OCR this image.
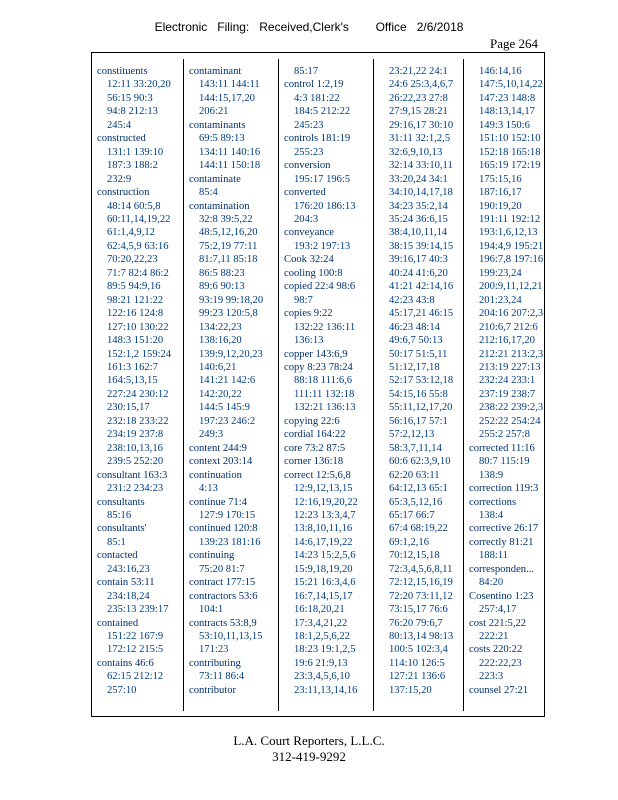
Electronic   Filing:   Received,Clerk's        Office   2/6/2018
Page 264
constituents
12:11 33:20,20
56:15 90:3
94:8 212:13
245:4
constructed
131:1 139:10
187:3 188:2
232:9
construction
48:14 60:5,8
60:11,14,19,22
61:1,4,9,12
62:4,5,9 63:16
70:20,22,23
71:7 82:4 86:2
89:5 94:9,16
98:21 121:22
122:16 124:8
127:10 130:22
148:3 151:20
152:1,2 159:24
161:3 162:7
164:5,13,15
227:24 230:12
230:15,17
232:18 233:22
234:19 237:8
238:10,13,16
239:5 252:20
consultant 163:3
231:2 234:23
consultants
85:16
consultants'
85:1
contacted
243:16,23
contain 53:11
234:18,24
235:13 239:17
contained
151:22 167:9
172:12 215:5
contains 46:6
62:15 212:12
257:10
contaminant
143:11 144:11
144:15,17,20
206:21
contaminants
69:5 89:13
134:11 140:16
144:11 150:18
contaminate
85:4
contamination
32:8 39:5,22
48:5,12,16,20
75:2,19 77:11
81:7,11 85:18
86:5 88:23
89:6 90:13
93:19 99:18,20
99:23 120:5,8
134:22,23
138:16,20
139:9,12,20,23
140:6,21
141:21 142:6
142:20,22
144:5 145:9
197:23 246:2
249:3
content 244:9
context 203:14
continuation
4:13
continue 71:4
127:9 170:15
continued 120:8
139:23 181:16
continuing
75:20 81:7
contract 177:15
contractors 53:6
104:1
contracts 53:8,9
53:10,11,13,15
171:23
contributing
73:11 86:4
contributor
85:17
control 1:2,19
4:3 181:22
184:5 212:22
245:23
controls 181:19
255:23
conversion
195:17 196:5
converted
176:20 186:13
204:3
conveyance
193:2 197:13
Cook 32:24
cooling 100:8
copied 22:4 98:6
98:7
copies 9:22
132:22 136:11
136:13
copper 143:6,9
copy 8:23 78:24
88:18 111:6,6
111:11 132:18
132:21 136:13
copying 22:6
cordial 164:22
core 73:2 87:5
corner 136:18
correct 12:5,6,8
12:9,12,13,15
12:16,19,20,22
12:23 13:3,4,7
13:8,10,11,16
14:6,17,19,22
14:23 15:2,5,6
15:9,18,19,20
15:21 16:3,4,6
16:7,14,15,17
16:18,20,21
17:3,4,21,22
18:1,2,5,6,22
18:23 19:1,2,5
19:6 21:9,13
23:3,4,5,6,10
23:11,13,14,16
23:21,22 24:1
24:6 25:3,4,6,7
26:22,23 27:8
27:9,15 28:21
29:16,17 30:10
31:11 32:1,2,5
32:6,9,10,13
32:14 33:10,11
33:20,24 34:1
34:10,14,17,18
34:23 35:2,14
35:24 36:6,15
38:4,10,11,14
38:15 39:14,15
39:16,17 40:3
40:24 41:6,20
41:21 42:14,16
42:23 43:8
45:17,21 46:15
46:23 48:14
49:6,7 50:13
50:17 51:5,11
51:12,17,18
52:17 53:12,18
54:15,16 55:8
55:11,12,17,20
56:16,17 57:1
57:2,12,13
58:3,7,11,14
60:6 62:3,9,10
62:20 63:11
64:12,13 65:1
65:3,5,12,16
65:17 66:7
67:4 68:19,22
69:1,2,16
70:12,15,18
72:3,4,5,6,8,11
72:12,15,16,19
72:20 73:11,12
73:15,17 76:6
76:20 79:6,7
80:13,14 98:13
100:5 102:3,4
114:10 126:5
127:21 136:6
137:15,20
146:14,16
147:5,10,14,22
147:23 148:8
148:13,14,17
149:3 150:6
151:10 152:10
152:18 165:18
165:19 172:19
175:15,16
187:16,17
190:19,20
191:11 192:12
193:1,6,12,13
194:4,9 195:21
196:7,8 197:16
199:23,24
200:9,11,12,21
201:23,24
204:16 207:2,3
210:6,7 212:6
212:16,17,20
212:21 213:2,3
213:19 227:13
232:24 233:1
237:19 238:7
238:22 239:2,3
252:22 254:24
255:2 257:8
corrected 11:16
80:7 115:19
138:9
correction 119:3
corrections
138:4
corrective 26:17
correctly 81:21
188:11
corresponden...
84:20
Cosentino 1:23
257:4,17
cost 221:5,22
222:21
costs 220:22
222:22,23
223:3
counsel 27:21
L.A. Court Reporters, L.L.C.
312-419-9292
